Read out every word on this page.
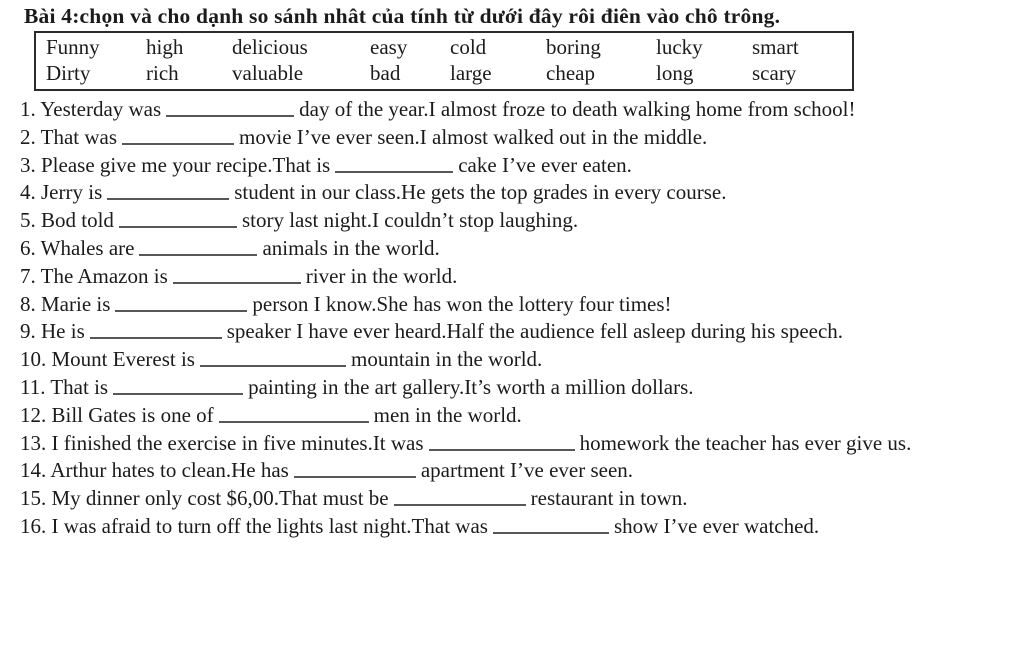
Bài 4:chọn và cho dạnh so sánh nhât của tính từ dưới đây rôi điên vào chô trông.

Funny	high	delicious	easy	cold	boring	lucky	smart
Dirty	rich	valuable	bad	large	cheap	long	scary

1. Yesterday was	day of the year.I almost froze to death walking home from school!

2. That was	movie I’ve ever seen.I almost walked out in the middle.

3. Please give me your recipe.That is	cake I’ve ever eaten.

4. Jerry is	student in our class.He gets the top grades in every course.

5. Bod told	story last night.I couldn’t stop laughing.

6. Whales are	animals in the world.

7. The Amazon is	river in the world.

8. Marie is	person I know.She has won the lottery four times!

9. He is	speaker I have ever heard.Half the audience fell asleep during his speech.

10. Mount Everest is	mountain in the world.

11. That is	painting in the art gallery.It’s worth a million dollars.

12. Bill Gates is one of	men in the world.

13. I finished the exercise in five minutes.It was	homework the teacher has ever give us.

14. Arthur hates to clean.He has	apartment I’ve ever seen.

15. My dinner only cost $6,00.That must be	restaurant in town.

16. I was afraid to turn off the lights last night.That was	show I’ve ever watched.
